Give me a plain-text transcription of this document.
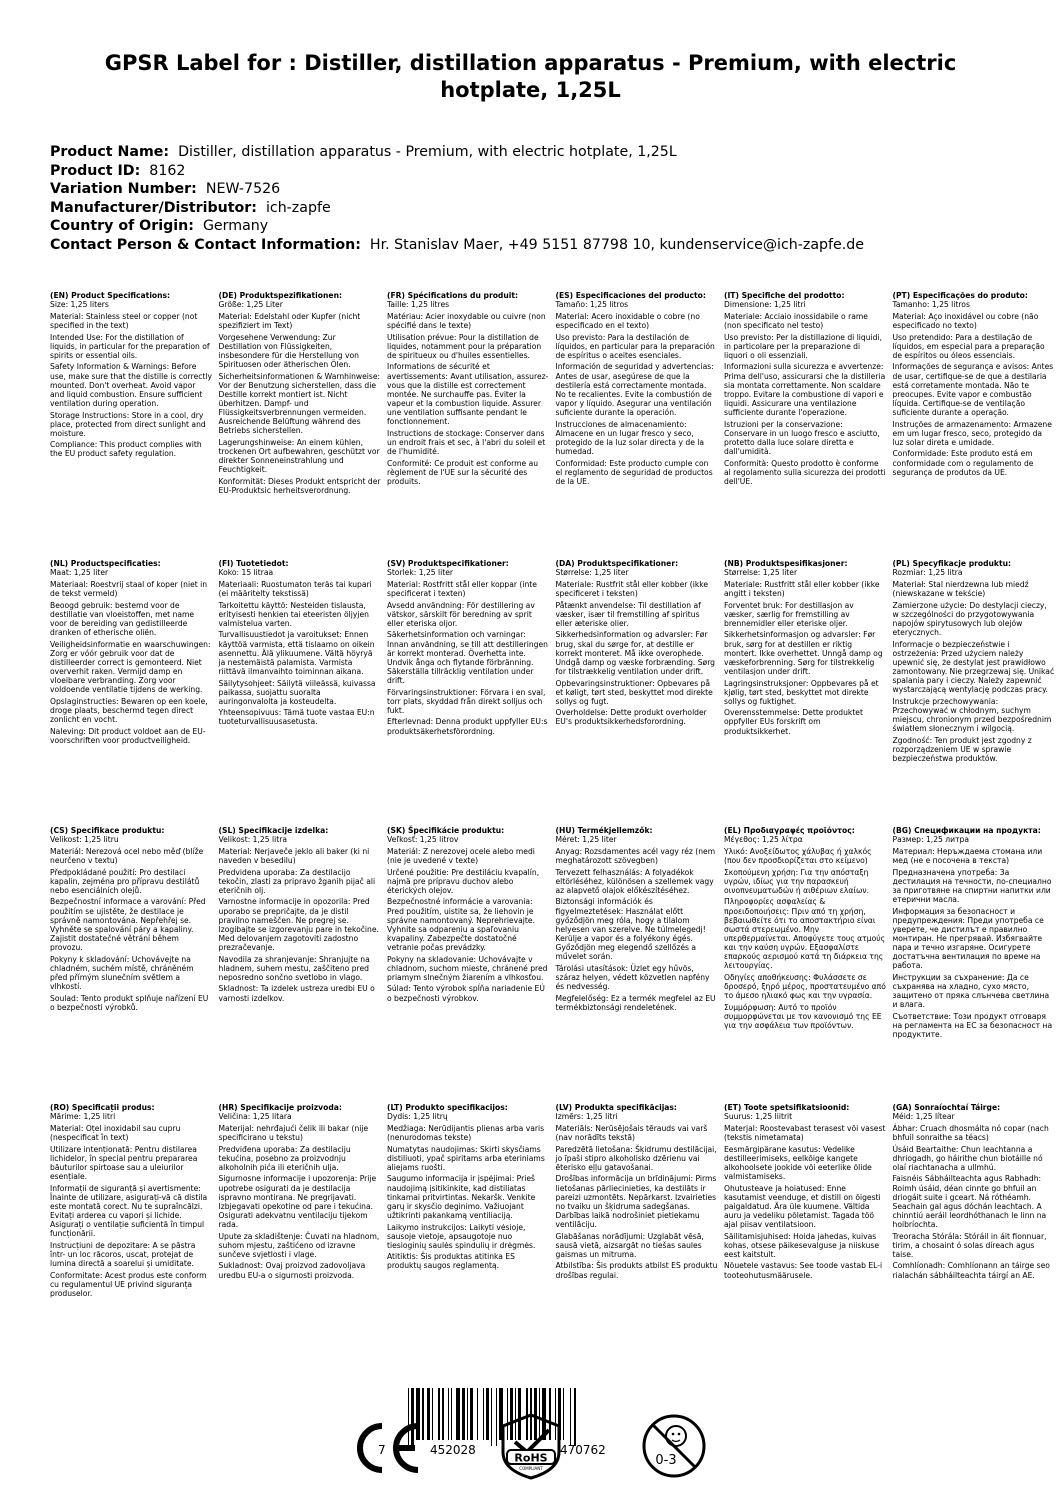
GPSR Label for : Distiller, distillation apparatus - Premium, with electric hotplate, 1,25L
Product Name: Distiller, distillation apparatus - Premium, with electric hotplate, 1,25L
Product ID: 8162
Variation Number: NEW-7526
Manufacturer/Distributor: ich-zapfe
Country of Origin: Germany
Contact Person & Contact Information: Hr. Stanislav Maer, +49 5151 87798 10, kundenservice@ich-zapfe.de
(EN) Product Specifications:

Size: 1,25 liters

Material: Stainless steel or copper (not specified in the text)

Intended Use: For the distillation of liquids, in particular for the preparation of spirits or essential oils.

Safety Information & Warnings: Before use, make sure that the distille is correctly mounted. Don't overheat. Avoid vapor and liquid combustion. Ensure sufficient ventilation during operation.

Storage Instructions: Store in a cool, dry place, protected from direct sunlight and moisture.

Compliance: This product complies with the EU product safety regulation.

(DE) Produktspezifikationen:

Größe: 1,25 Liter

Material: Edelstahl oder Kupfer (nicht spezifiziert im Text)

Vorgesehene Verwendung: Zur Destillation von Flüssigkeiten, insbesondere für die Herstellung von Spirituosen oder ätherischen Ölen.

Sicherheitsinformationen & Warnhinweise: Vor der Benutzung sicherstellen, dass die Destille korrekt montiert ist. Nicht überhitzen. Dampf- und Flüssigkeitsverbrennungen vermeiden. Ausreichende Belüftung während des Betriebs sicherstellen.

Lagerungshinweise: An einem kühlen, trockenen Ort aufbewahren, geschützt vor direkter Sonneneinstrahlung und Feuchtigkeit.

Konformität: Dieses Produkt entspricht der EU-Produktsic herheitsverordnung.

(FR) Spécifications du produit:

Taille: 1,25 litres

Matériau: Acier inoxydable ou cuivre (non spécifié dans le texte)

Utilisation prévue: Pour la distillation de liquides, notamment pour la préparation de spiritueux ou d'huiles essentielles.

Informations de sécurité et avertissements: Avant utilisation, assurez-vous que la distille est correctement montée. Ne surchauffe pas. Éviter la vapeur et la combustion liquide. Assurer une ventilation suffisante pendant le fonctionnement.

Instructions de stockage: Conserver dans un endroit frais et sec, à l'abri du soleil et de l'humidité.

Conformité: Ce produit est conforme au règlement de l'UE sur la sécurité des produits.

(ES) Especificaciones del producto:

Tamaño: 1,25 litros

Material: Acero inoxidable o cobre (no especificado en el texto)

Uso previsto: Para la destilación de líquidos, en particular para la preparación de espíritus o aceites esenciales.

Información de seguridad y advertencias: Antes de usar, asegúrese de que la destilería está correctamente montada. No te recalientes. Evite la combustión de vapor y líquido. Asegurar una ventilación suficiente durante la operación.

Instrucciones de almacenamiento: Almacene en un lugar fresco y seco, protegido de la luz solar directa y de la humedad.

Conformidad: Este producto cumple con el reglamento de seguridad de productos de la UE.

(IT) Specifiche del prodotto:

Dimensione: 1,25 litri

Materiale: Acciaio inossidabile o rame (non specificato nel testo)

Uso previsto: Per la distillazione di liquidi, in particolare per la preparazione di liquori o oli essenziali.

Informazioni sulla sicurezza e avvertenze: Prima dell'uso, assicurarsi che la distilleria sia montata correttamente. Non scaldare troppo. Evitare la combustione di vapori e liquidi. Assicurare una ventilazione sufficiente durante l'operazione.

Istruzioni per la conservazione: Conservare in un luogo fresco e asciutto, protetto dalla luce solare diretta e dall'umidità.

Conformità: Questo prodotto è conforme al regolamento sulla sicurezza dei prodotti dell'UE.

(PT) Especificações do produto:

Tamanho: 1,25 litros

Material: Aço inoxidável ou cobre (não especificado no texto)

Uso pretendido: Para a destilação de líquidos, em especial para a preparação de espíritos ou óleos essenciais.

Informações de segurança e avisos: Antes de usar, certifique-se de que a destilaria está corretamente montada. Não te preocupes. Evite vapor e combustão líquida. Certifique-se de ventilação suficiente durante a operação.

Instruções de armazenamento: Armazene em um lugar fresco, seco, protegido da luz solar direta e umidade.

Conformidade: Este produto está em conformidade com o regulamento de segurança de produtos da UE.

(NL) Productspecificaties:

Maat: 1,25 liter

Materiaal: Roestvrij staal of koper (niet in de tekst vermeld)

Beoogd gebruik: bestemd voor de destillatie van vloeistoffen, met name voor de bereiding van gedistilleerde dranken of etherische oliën.

Veiligheidsinformatie en waarschuwingen: Zorg er vóór gebruik voor dat de distilleerder correct is gemonteerd. Niet oververhit raken. Vermijd damp en vloeibare verbranding. Zorg voor voldoende ventilatie tijdens de werking.

Opslaginstructies: Bewaren op een koele, droge plaats, beschermd tegen direct zonlicht en vocht.

Naleving: Dit product voldoet aan de EU-voorschriften voor productveiligheid.

(FI) Tuotetiedot:

Koko: 15 litraa

Materiaali: Ruostumaton teräs tai kupari (ei määritelty tekstissä)

Tarkoitettu käyttö: Nesteiden tislausta, erityisesti henkien tai eteeristen öljyjen valmistelua varten.

Turvallisuustiedot ja varoitukset: Ennen käyttöä varmista, että tislaamo on oikein asennettu. Älä ylikuumene. Vältä höyryä ja nestemäistä palamista. Varmista riittävä ilmanvaihto toiminnan aikana.

Säilytysohjeet: Säilytä viileässä, kuivassa paikassa, suojattu suoralta auringonvalolta ja kosteudelta.

Yhteensopivuus: Tämä tuote vastaa EU:n tuoteturvallisuusasetusta.

(SV) Produktspecifikationer:

Storlek: 1,25 liter

Material: Rostfritt stål eller koppar (inte specificerat i texten)

Avsedd användning: För destillering av vätskor, särskilt för beredning av sprit eller eteriska oljor.

Säkerhetsinformation och varningar: Innan användning, se till att destilleringen är korrekt monterad. Överhetta inte. Undvik ånga och flytande förbränning. Säkerställa tillräcklig ventilation under drift.

Förvaringsinstruktioner: Förvara i en sval, torr plats, skyddad från direkt solljus och fukt.

Efterlevnad: Denna produkt uppfyller EU:s produktsäkerhetsförordning.

(DA) Produktspecifikationer:

Størrelse: 1,25 liter

Materiale: Rustfrit stål eller kobber (ikke specificeret i teksten)

Påtænkt anvendelse: Til destillation af væsker, især til fremstilling af spiritus eller æteriske olier.

Sikkerhedsinformation og advarsler: Før brug, skal du sørge for, at destille er korrekt monteret. Må ikke overophede. Undgå damp og væske forbrænding. Sørg for tilstrækkelig ventilation under drift.

Opbevaringsinstruktioner: Opbevares på et køligt, tørt sted, beskyttet mod direkte sollys og fugt.

Overholdelse: Dette produkt overholder EU's produktsikkerhedsforordning.

(NB) Produktspesifikasjoner:

Størrelse: 1,25 liter

Materiale: Rustfritt stål eller kobber (ikke angitt i teksten)

Forventet bruk: For destillasjon av væsker, særlig for fremstilling av brennemidler eller eteriske oljer.

Sikkerhetsinformasjon og advarsler: Før bruk, sørg for at destillen er riktig montert. Ikke overhettet. Unngå damp og væskeforbrenning. Sørg for tilstrekkelig ventilasjon under drift.

Lagringsinstruksjoner: Oppbevares på et kjølig, tørt sted, beskyttet mot direkte sollys og fuktighet.

Overensstemmelse: Dette produktet oppfyller EUs forskrift om produktsikkerhet.

(PL) Specyfikacje produktu:

Rozmiar: 1,25 litra

Materiał: Stal nierdzewna lub miedź (niewskazane w tekście)

Zamierzone użycie: Do destylacji cieczy, w szczególności do przygotowywania napojów spirytusowych lub olejów eterycznych.

Informacje o bezpieczeństwie i ostrzeżenia: Przed użyciem należy upewnić się, że destylat jest prawidłowo zamontowany. Nie przegrzewaj się. Unikać spalania pary i cieczy. Należy zapewnić wystarczającą wentylację podczas pracy.

Instrukcje przechowywania: Przechowywać w chłodnym, suchym miejscu, chronionym przed bezpośrednim światłem słonecznym i wilgocią.

Zgodność: Ten produkt jest zgodny z rozporządzeniem UE w sprawie bezpieczeństwa produktów.

(CS) Specifikace produktu:

Velikost: 1,25 litru

Materiál: Nerezová ocel nebo měď (blíže neurčeno v textu)

Předpokládané použití: Pro destilaci kapalin, zejména pro přípravu destilátů nebo esenciálních olejů.

Bezpečnostní informace a varování: Před použitím se ujistěte, že destilace je správně namontována. Nepřehřej se. Vyhněte se spalování páry a kapaliny. Zajistit dostatečné větrání během provozu.

Pokyny k skladování: Uchovávejte na chladném, suchém místě, chráněném před přímým slunečním světlem a vlhkostí.

Soulad: Tento produkt splňuje nařízení EU o bezpečnosti výrobků.

(SL) Specifikacije izdelka:

Velikost: 1,25 litra

Material: Nerjaveče jeklo ali baker (ki ni naveden v besedilu)

Predvidena uporaba: Za destilacijo tekočin, zlasti za pripravo žganih pijač ali eteričnih olj.

Varnostne informacije in opozorila: Pred uporabo se prepričajte, da je distil pravilno nameščen. Ne pregrej se. Izogibajte se izgorevanju pare in tekočine. Med delovanjem zagotoviti zadostno prezračevanje.

Navodila za shranjevanje: Shranjujte na hladnem, suhem mestu, zaščiteno pred neposredno sončno svetlobo in vlago.

Skladnost: Ta izdelek ustreza uredbi EU o varnosti izdelkov.

(SK) Špecifikácie produktu:

Veľkosť: 1,25 litrov

Materiál: Z nerezovej ocele alebo medi (nie je uvedené v texte)

Určené použitie: Pre destiláciu kvapalín, najmä pre prípravu duchov alebo éterických olejov.

Bezpečnostné informácie a varovania: Pred použitím, uistite sa, že liehovin je správne namontovaný. Neprehrievajte. Vyhnite sa odpareniu a spaľovaniu kvapaliny. Zabezpečte dostatočné vetranie počas prevádzky.

Pokyny na skladovanie: Uchovávajte v chladnom, suchom mieste, chránené pred priamym slnečným žiarením a vlhkosťou.

Súlad: Tento výrobok spĺňa nariadenie EÚ o bezpečnosti výrobkov.

(HU) Termékjellemzők:

Méret: 1,25 liter

Anyag: Rozsdamentes acél vagy réz (nem meghatározott szövegben)

Tervezett felhasználás: A folyadékok eltörléséhez, különösen a szellemek vagy az alapvető olajok előkészítéséhez.

Biztonsági információk és figyelmeztetések: Használat előtt győződjön meg róla, hogy a tilalom helyesen van szerelve. Ne túlmelegedj! Kerülje a vapor és a folyékony égés. Győződjön meg elegendő szellőzés a művelet során.

Tárolási utasítások: Üzlet egy hűvös, száraz helyen, védett közvetlen napfény és nedvesség.

Megfelelőség: Ez a termék megfelel az EU termékbiztonsági rendeletének.

(EL) Προδιαγραφές προϊόντος:

Μέγεθος: 1,25 λίτρα

Υλικό: Ανοξείδωτος χάλυβας ή χαλκός (που δεν προσδιορίζεται στο κείμενο)

Σκοπούμενη χρήση: Για την απόσταξη υγρών, ιδίως για την παρασκευή οινοπνευματωδών ή αιθέριων ελαίων.

Πληροφορίες ασφαλείας & προειδοποιήσεις: Πριν από τη χρήση, βεβαιωθείτε ότι το αποστακτήριο είναι σωστά στερεωμένο. Μην υπερθερμαίνεται. Αποφύγετε τους ατμούς και την καύση υγρών. Εξασφαλίστε επαρκούς αερισμού κατά τη διάρκεια της λειτουργίας.

Οδηγίες αποθήκευσης: Φυλάσσετε σε δροσερό, ξηρό μέρος, προστατευμένο από το άμεσο ηλιακό φως και την υγρασία.

Συμμόρφωση: Αυτό το προϊόν συμμορφώνεται με τον κανονισμό της ΕΕ για την ασφάλεια των προϊόντων.

(BG) Спецификации на продукта:

Размер: 1,25 литра

Материал: Неръждаема стомана или мед (не е посочена в текста)

Предназначена употреба: За дестилация на течности, по-специално за приготвяне на спиртни напитки или етерични масла.

Информация за безопасност и предупреждения: Преди употреба се уверете, че дистилът е правилно монтиран. Не прегрявай. Избягвайте пара и течно изгаряне. Осигурете достатъчна вентилация по време на работа.

Инструкции за съхранение: Да се съхранява на хладно, сухо място, защитено от пряка слънчева светлина и влага.

Съответствие: Този продукт отговаря на регламента на ЕС за безопасност на продуктите.

(RO) Specificații produs:

Mărime: 1,25 litri

Material: Oțel inoxidabil sau cupru (nespecificat în text)

Utilizare intenționată: Pentru distilarea lichidelor, în special pentru prepararea băuturilor spirtoase sau a uleiurilor esențiale.

Informații de siguranță și avertismente: Înainte de utilizare, asigurați-vă că distila este montată corect. Nu te supraîncălzi. Evitați arderea cu vapori și lichide. Asigurați o ventilație suficientă în timpul funcționării.

Instrucțiuni de depozitare: A se păstra într- un loc răcoros, uscat, protejat de lumina directă a soarelui și umiditate.

Conformitate: Acest produs este conform cu regulamentul UE privind siguranța produselor.

(HR) Specifikacije proizvoda:

Veličina: 1,25 litara

Materijal: nehrđajući čelik ili bakar (nije specificirano u tekstu)

Predviđena uporaba: Za destilaciju tekućina, posebno za proizvodnju alkoholnih pića ili eteričnih ulja.

Sigurnosne informacije i upozorenja: Prije upotrebe osigurati da je destilacija ispravno montirana. Ne pregrijavati. Izbjegavati opekotine od pare i tekućina. Osigurati adekvatnu ventilaciju tijekom rada.

Upute za skladištenje: Čuvati na hladnom, suhom mjestu, zaštićeno od izravne sunčeve svjetlosti i vlage.

Sukladnost: Ovaj proizvod zadovoljava uredbu EU-a o sigurnosti proizvoda.

(LT) Produkto specifikacijos:

Dydis: 1,25 litrų

Medžiaga: Nerūdijantis plienas arba varis (nenurodomas tekste)

Numatytas naudojimas: Skirti skysčiams distiliuoti, ypač spiritams arba eteriniams aliejams ruošti.

Saugumo informacija ir įspėjimai: Prieš naudojimą įsitikinkite, kad distiliatas tinkamai pritvirtintas. Nekaršk. Venkite garų ir skysčio deginimo. Važiuojant užtikrinti pakankamą ventiliaciją.

Laikymo instrukcijos: Laikyti vėsioje, sausoje vietoje, apsaugotoje nuo tiesioginių saulės spindulių ir drėgmės.

Atitiktis: Šis produktas atitinka ES produktų saugos reglamentą.

(LV) Produkta specifikācijas:

Izmērs: 1,25 litri

Materiāls: Nerūsējošais tērauds vai varš (nav norādīts tekstā)

Paredzētā lietošana: Šķidrumu destilācijai, jo īpaši stipro alkoholisko dzērienu vai ēterisko eļļu gatavošanai.

Drošības informācija un brīdinājumi: Pirms lietošanas pārliecinieties, ka destilāts ir pareizi uzmontēts. Nepārkarst. Izvairieties no tvaiku un šķidruma sadegšanas. Darbības laikā nodrošiniet pietiekamu ventilāciju.

Glabāšanas norādījumi: Uzglabāt vēsā, sausā vietā, aizsargāt no tiešas saules gaismas un mitruma.

Atbilstība: Šis produkts atbilst ES produktu drošības regulai.

(ET) Toote spetsifikatsioonid:

Suurus: 1,25 liitrit

Materjal: Roostevabast terasest või vasest (tekstis nimetamata)

Eesmärgipärane kasutus: Vedelike destilleerimiseks, eelkõige kangete alkohoolsete jookide või eeterlike õlide valmistamiseks.

Ohutusteave ja hoiatused: Enne kasutamist veenduge, et distill on õigesti paigaldatud. Ära üle kuumene. Vältida auru ja vedeliku põletamist. Tagada töö ajal piisav ventilatsioon.

Säilitamisjuhised: Hoida jahedas, kuivas kohas, otsese päikesevalguse ja niiskuse eest kaitstult.

Nõuetele vastavus: See toode vastab EL-i tooteohutusmäärusele.

(GA) Sonraíochtaí Táirge:

Méid: 1,25 lítear

Ábhar: Cruach dhosmálta nó copar (nach bhfuil sonraithe sa téacs)

Úsáid Beartaithe: Chun leachtanna a dhriogadh, go háirithe chun biotáille nó olaí riachtanacha a ullmhú.

Faisnéis Sábháilteachta agus Rabhadh: Roimh úsáid, déan cinnte go bhfuil an driogáit suite i gceart. Ná róthéamh. Seachain gal agus dóchán leachtach. A chinntiú aeráil leordhóthanach le linn na hoibríochta.

Treoracha Stórála: Stóráil in áit fionnuar, tirim, a chosaint ó solas díreach agus taise.

Comhlíonadh: Comhlíonann an táirge seo rialachán sábháilteachta táirgí an AE.

7	452028	470762
RoHS
COMPLIANT
0-3
